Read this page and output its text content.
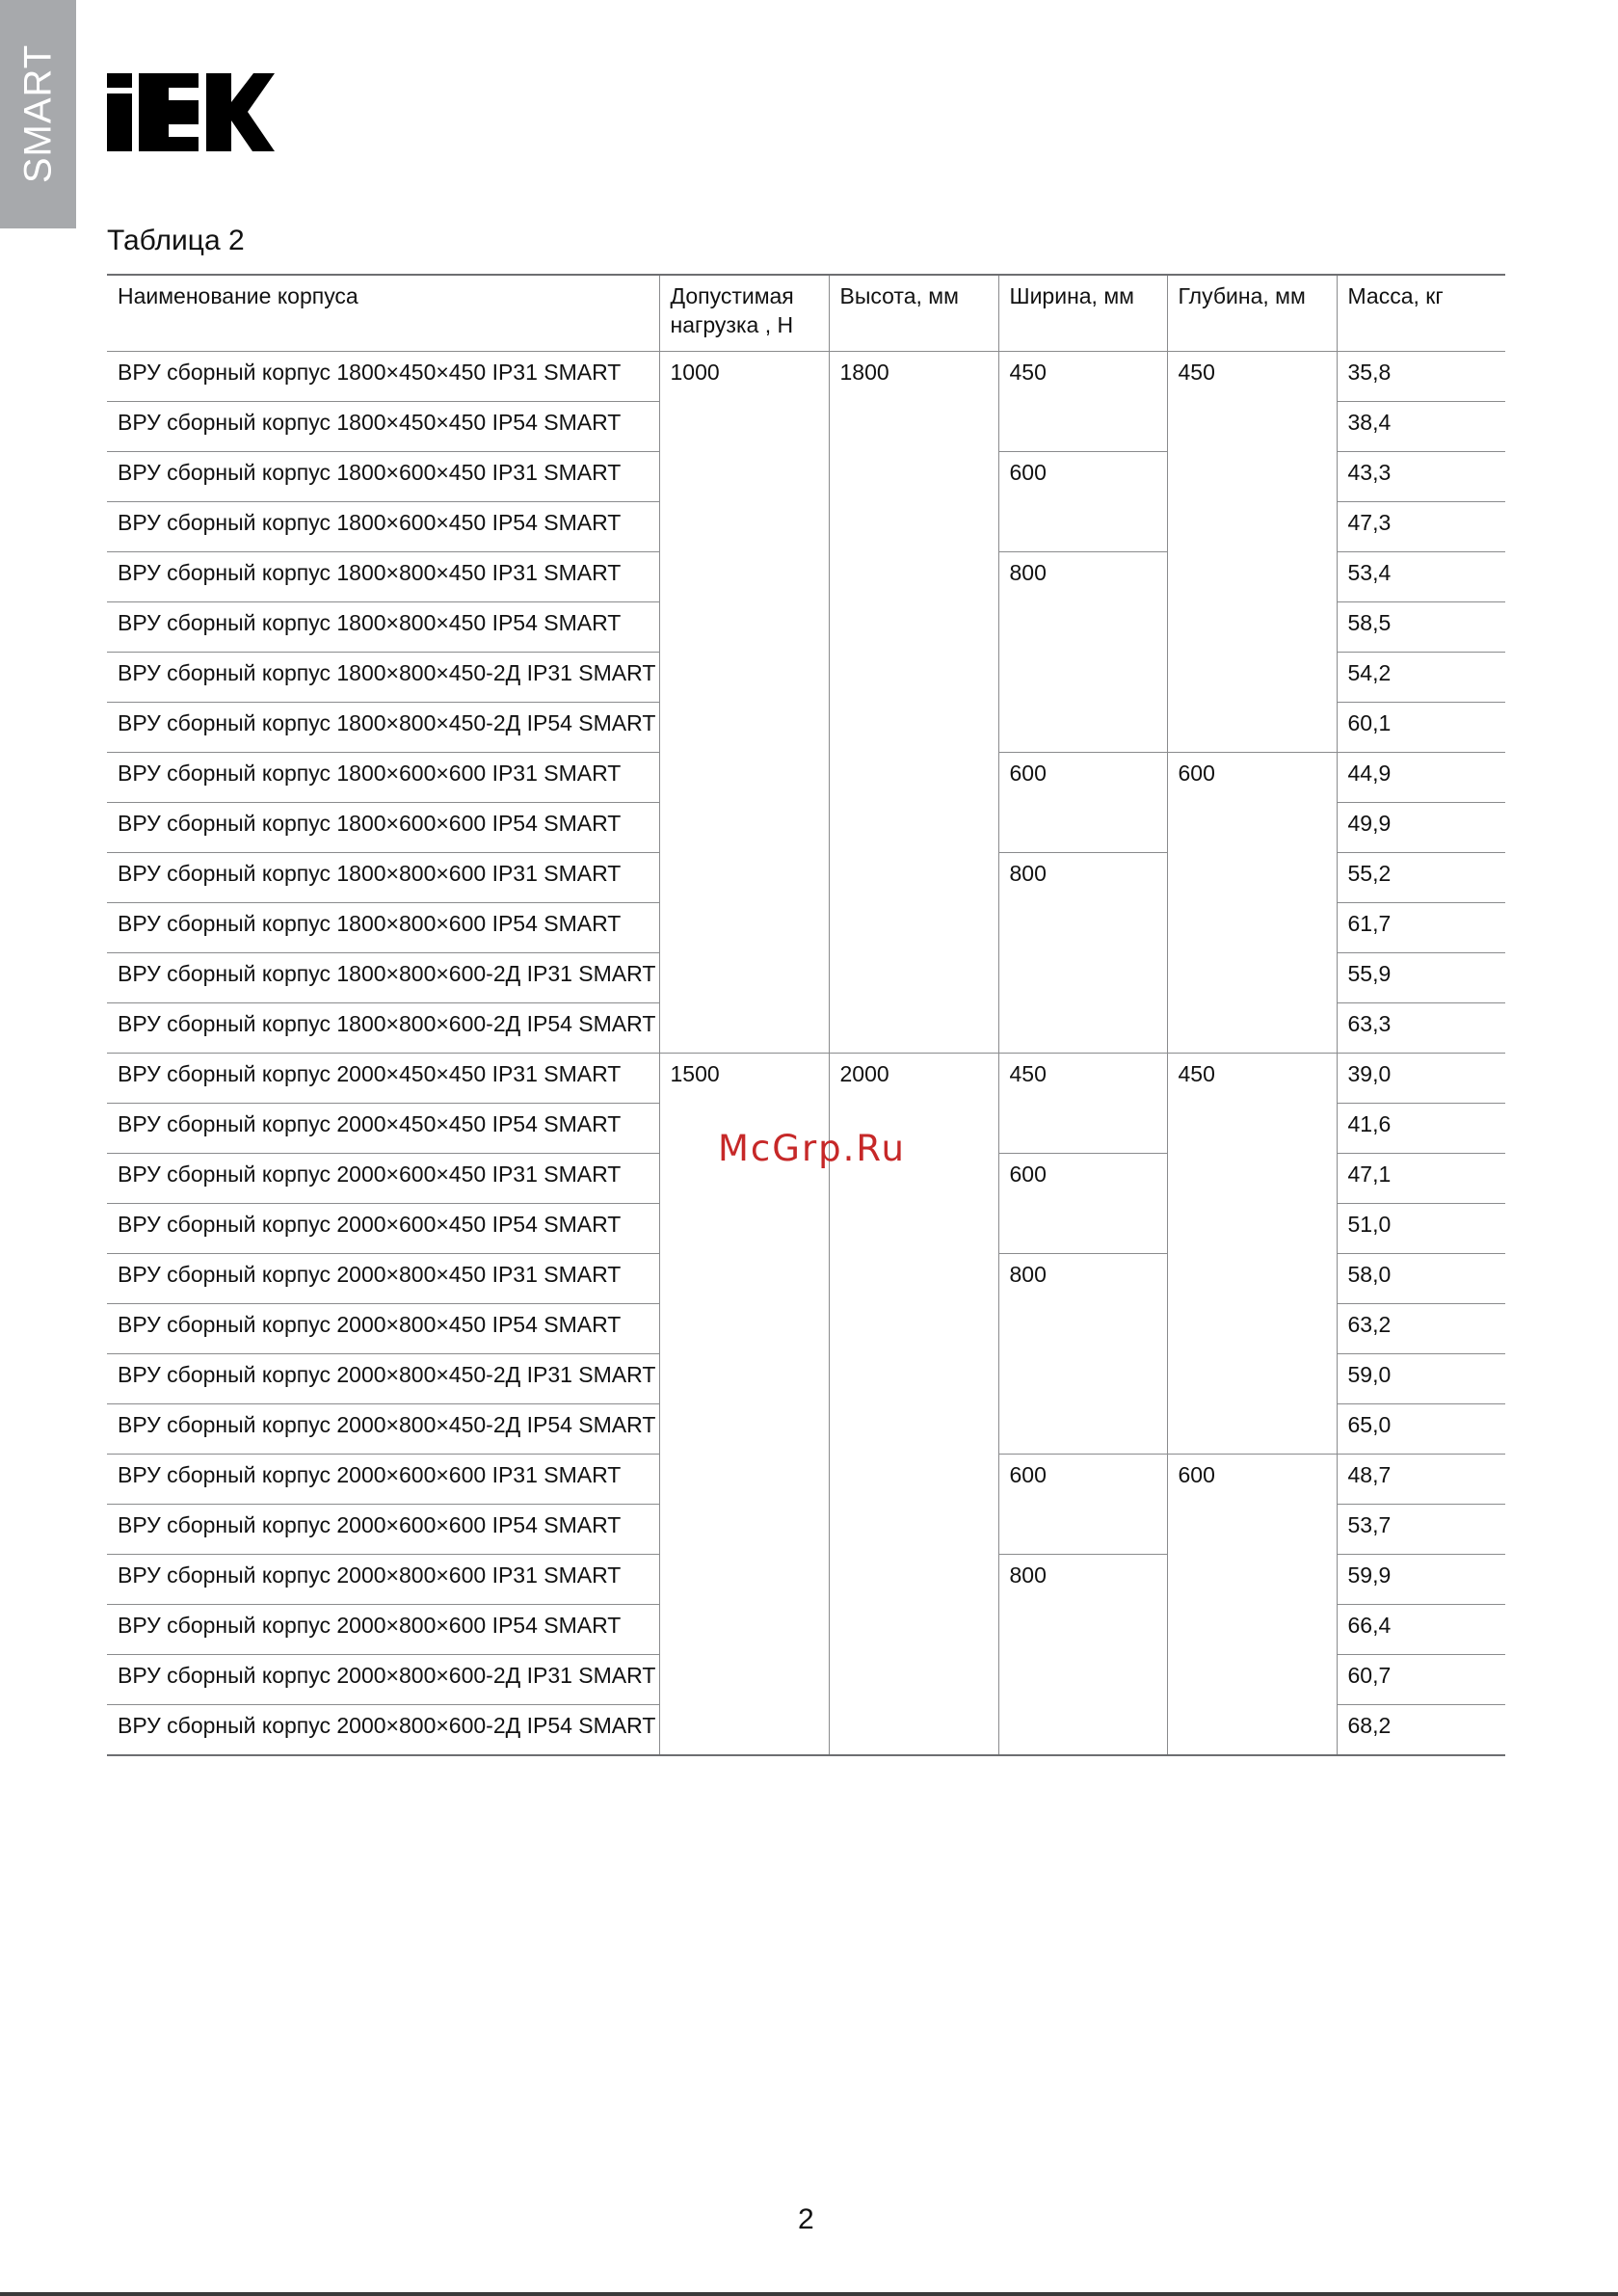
SMART
Таблица 2
Наименование корпуса	Допустимая нагрузка , Н	Высота, мм	Ширина, мм	Глубина, мм	Масса, кг
ВРУ сборный корпус 1800×450×450 IP31 SMART	1000	1800	450	450	35,8
ВРУ сборный корпус 1800×450×450 IP54 SMART					38,4
ВРУ сборный корпус 1800×600×450 IP31 SMART			600		43,3
ВРУ сборный корпус 1800×600×450 IP54 SMART					47,3
ВРУ сборный корпус 1800×800×450 IP31 SMART			800		53,4
ВРУ сборный корпус 1800×800×450 IP54 SMART					58,5
ВРУ сборный корпус 1800×800×450-2Д IP31 SMART					54,2
ВРУ сборный корпус 1800×800×450-2Д IP54 SMART					60,1
ВРУ сборный корпус 1800×600×600 IP31 SMART			600	600	44,9
ВРУ сборный корпус 1800×600×600 IP54 SMART					49,9
ВРУ сборный корпус 1800×800×600 IP31 SMART			800		55,2
ВРУ сборный корпус 1800×800×600 IP54 SMART					61,7
ВРУ сборный корпус 1800×800×600-2Д IP31 SMART					55,9
ВРУ сборный корпус 1800×800×600-2Д IP54 SMART					63,3
ВРУ сборный корпус 2000×450×450 IP31 SMART	1500	2000	450	450	39,0
ВРУ сборный корпус 2000×450×450 IP54 SMART					41,6
ВРУ сборный корпус 2000×600×450 IP31 SMART			600		47,1
ВРУ сборный корпус 2000×600×450 IP54 SMART					51,0
ВРУ сборный корпус 2000×800×450 IP31 SMART			800		58,0
ВРУ сборный корпус 2000×800×450 IP54 SMART					63,2
ВРУ сборный корпус 2000×800×450-2Д IP31 SMART					59,0
ВРУ сборный корпус 2000×800×450-2Д IP54 SMART					65,0
ВРУ сборный корпус 2000×600×600 IP31 SMART			600	600	48,7
ВРУ сборный корпус 2000×600×600 IP54 SMART					53,7
ВРУ сборный корпус 2000×800×600 IP31 SMART			800		59,9
ВРУ сборный корпус 2000×800×600 IP54 SMART					66,4
ВРУ сборный корпус 2000×800×600-2Д IP31 SMART					60,7
ВРУ сборный корпус 2000×800×600-2Д IP54 SMART					68,2
McGrp.Ru
2
